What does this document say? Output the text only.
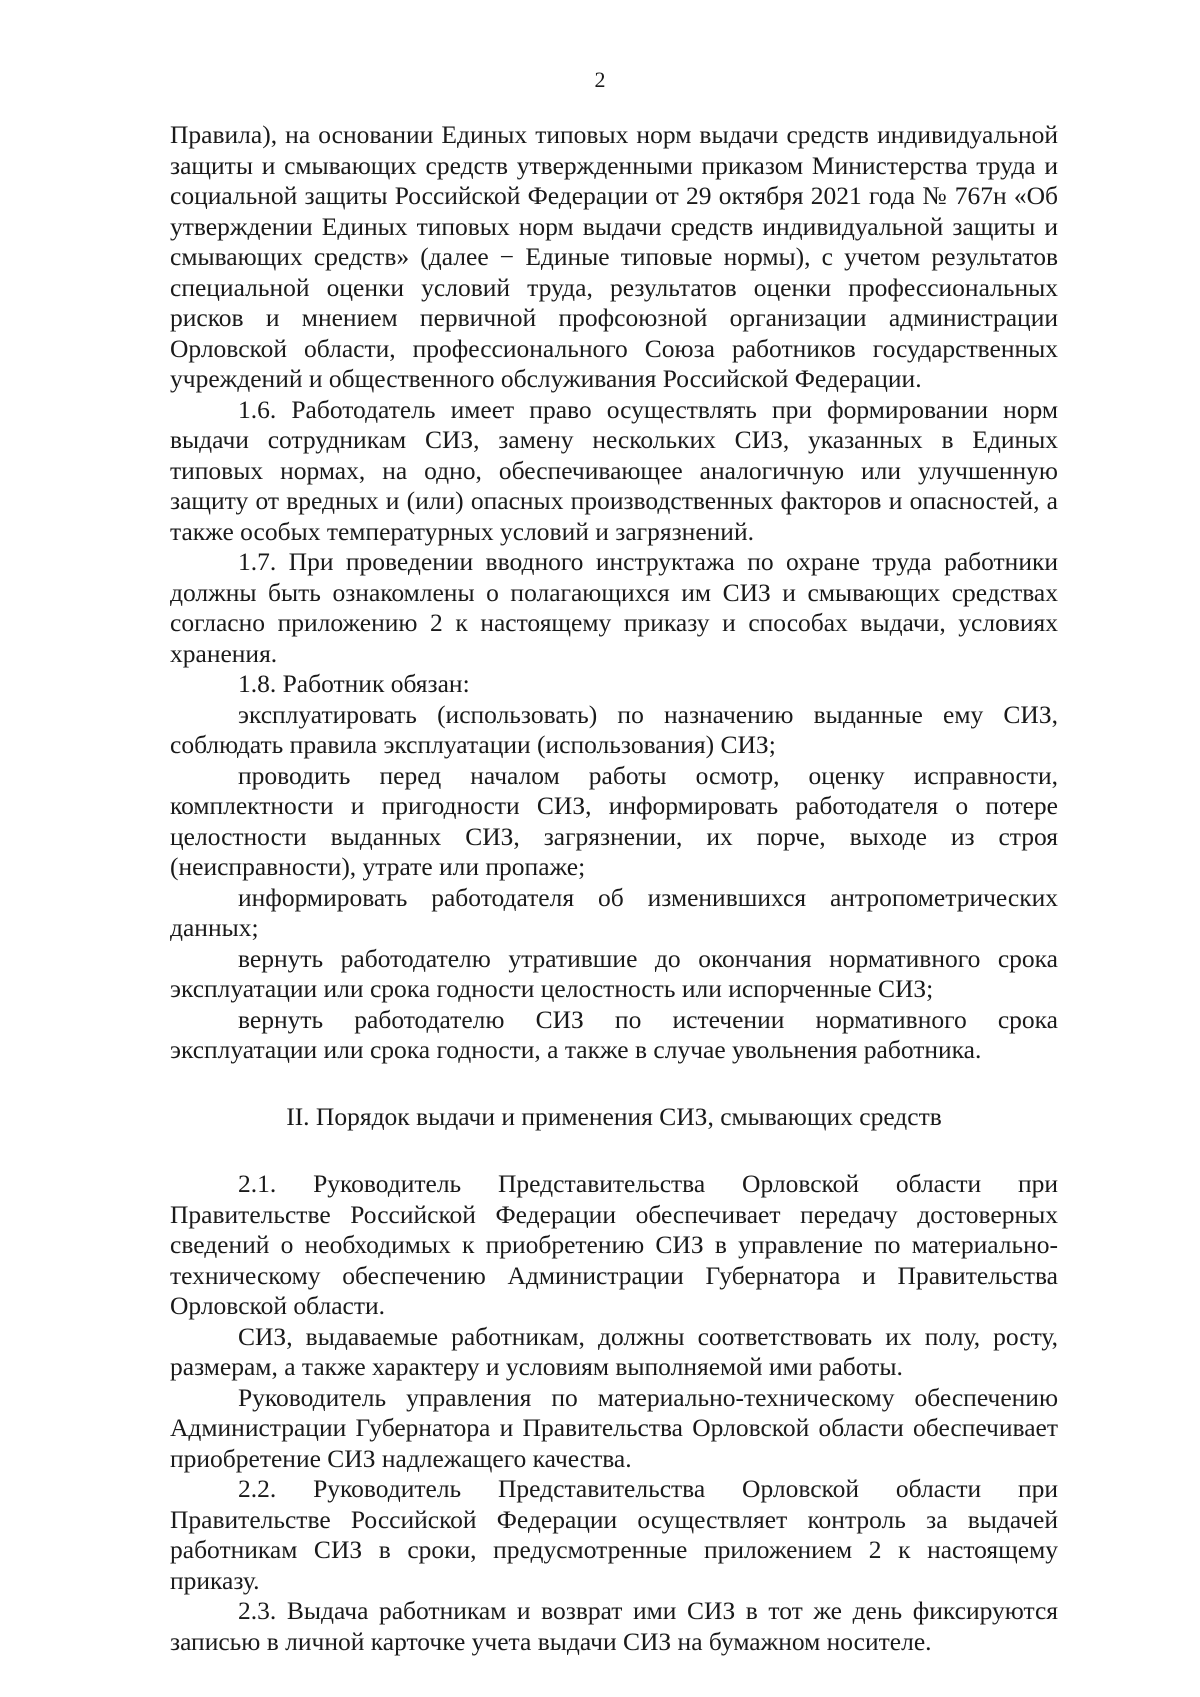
2

Правила), на основании Единых типовых норм выдачи средств индивидуальной защиты и смывающих средств утвержденными приказом Министерства труда и социальной защиты Российской Федерации от 29 октября 2021 года № 767н «Об утверждении Единых типовых норм выдачи средств индивидуальной защиты и смывающих средств» (далее − Единые типовые нормы), с учетом результатов специальной оценки условий труда, результатов оценки профессиональных рисков и мнением первичной профсоюзной организации администрации Орловской области, профессионального Союза работников государственных учреждений и общественного обслуживания Российской Федерации.

1.6. Работодатель имеет право осуществлять при формировании норм выдачи сотрудникам СИЗ, замену нескольких СИЗ, указанных в Единых типовых нормах, на одно, обеспечивающее аналогичную или улучшенную защиту от вредных и (или) опасных производственных факторов и опасностей, а также особых температурных условий и загрязнений.

1.7. При проведении вводного инструктажа по охране труда работники должны быть ознакомлены о полагающихся им СИЗ и смывающих средствах согласно приложению 2 к настоящему приказу и способах выдачи, условиях хранения.

1.8. Работник обязан:

эксплуатировать (использовать) по назначению выданные ему СИЗ, соблюдать правила эксплуатации (использования) СИЗ;

проводить перед началом работы осмотр, оценку исправности, комплектности и пригодности СИЗ, информировать работодателя о потере целостности выданных СИЗ, загрязнении, их порче, выходе из строя (неисправности), утрате или пропаже;

информировать работодателя об изменившихся антропометрических данных;

вернуть работодателю утратившие до окончания нормативного срока эксплуатации или срока годности целостность или испорченные СИЗ;

вернуть работодателю СИЗ по истечении нормативного срока эксплуатации или срока годности, а также в случае увольнения работника.

II. Порядок выдачи и применения СИЗ, смывающих средств

2.1. Руководитель Представительства Орловской области при Правительстве Российской Федерации обеспечивает передачу достоверных сведений о необходимых к приобретению СИЗ в управление по материально-техническому обеспечению Администрации Губернатора и Правительства Орловской области.

СИЗ, выдаваемые работникам, должны соответствовать их полу, росту, размерам, а также характеру и условиям выполняемой ими работы.

Руководитель управления по материально-техническому обеспечению Администрации Губернатора и Правительства Орловской области обеспечивает приобретение СИЗ надлежащего качества.

2.2. Руководитель Представительства Орловской области при Правительстве Российской Федерации осуществляет контроль за выдачей работникам СИЗ в сроки, предусмотренные приложением 2 к настоящему приказу.

2.3. Выдача работникам и возврат ими СИЗ в тот же день фиксируются записью в личной карточке учета выдачи СИЗ на бумажном носителе.
